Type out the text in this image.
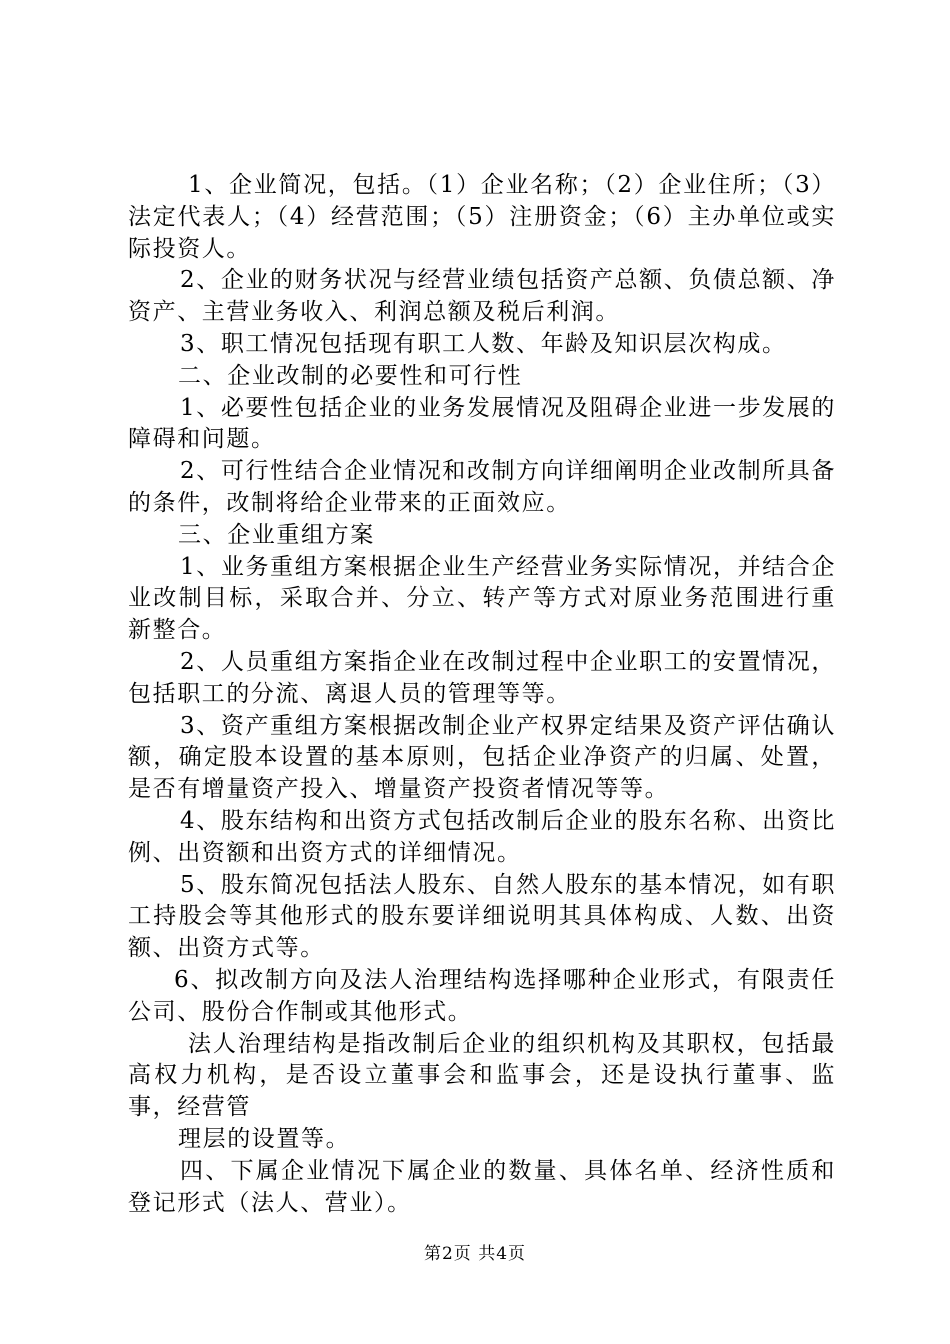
1、企业简况，包括。（1）企业名称；（2）企业住所；（3）法定代表人；（4）经营范围；（5）注册资金；（6）主办单位或实际投资人。

2、企业的财务状况与经营业绩包括资产总额、负债总额、净资产、主营业务收入、利润总额及税后利润。

3、职工情况包括现有职工人数、年龄及知识层次构成。

二、企业改制的必要性和可行性

1、必要性包括企业的业务发展情况及阻碍企业进一步发展的障碍和问题。

2、可行性结合企业情况和改制方向详细阐明企业改制所具备的条件，改制将给企业带来的正面效应。

三、企业重组方案

1、业务重组方案根据企业生产经营业务实际情况，并结合企业改制目标，采取合并、分立、转产等方式对原业务范围进行重新整合。

2、人员重组方案指企业在改制过程中企业职工的安置情况，包括职工的分流、离退人员的管理等等。

3、资产重组方案根据改制企业产权界定结果及资产评估确认额，确定股本设置的基本原则，包括企业净资产的归属、处置，是否有增量资产投入、增量资产投资者情况等等。

4、股东结构和出资方式包括改制后企业的股东名称、出资比例、出资额和出资方式的详细情况。

5、股东简况包括法人股东、自然人股东的基本情况，如有职工持股会等其他形式的股东要详细说明其具体构成、人数、出资额、出资方式等。

6、拟改制方向及法人治理结构选择哪种企业形式，有限责任公司、股份合作制或其他形式。

法人治理结构是指改制后企业的组织机构及其职权，包括最高权力机构，是否设立董事会和监事会，还是设执行董事、监事，经营管

理层的设置等。

四、下属企业情况下属企业的数量、具体名单、经济性质和登记形式（法人、营业）。

第2页 共4页
